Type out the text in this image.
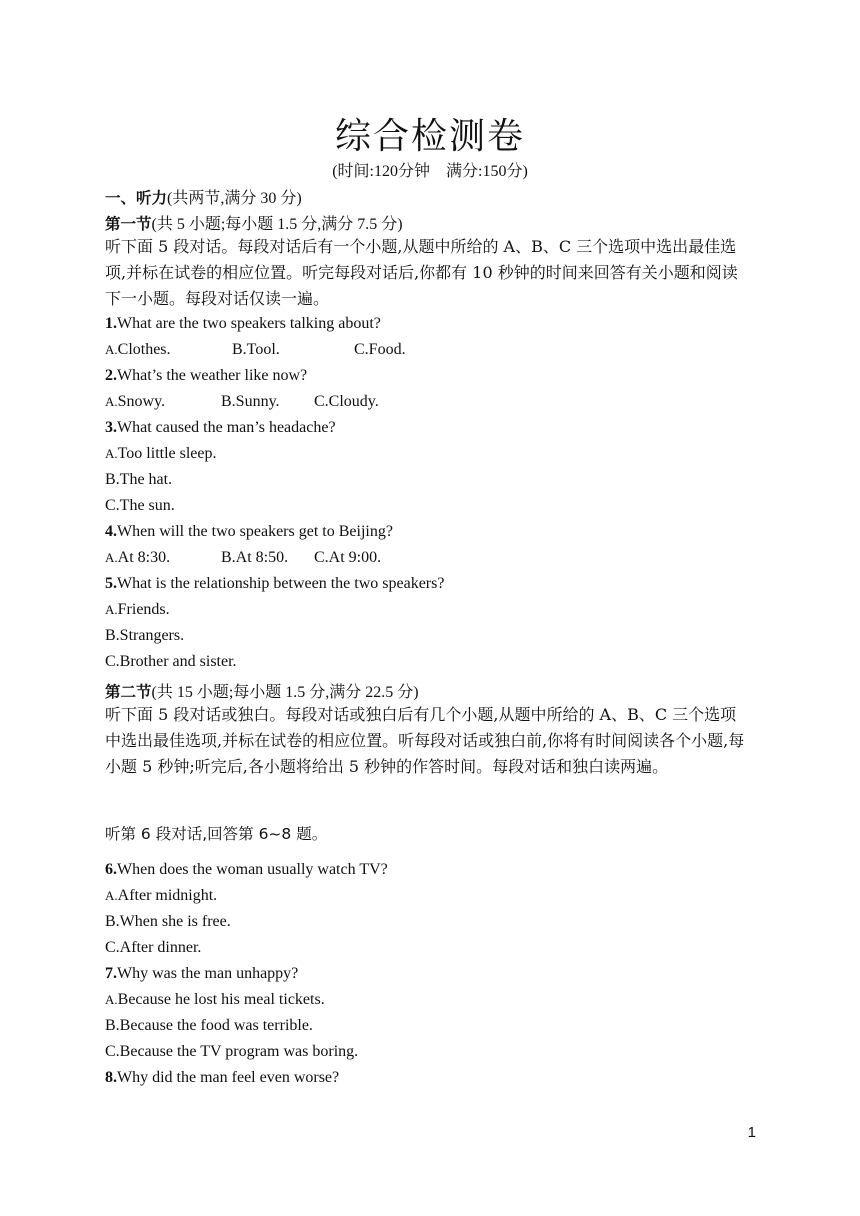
综合检测卷
(时间:120分钟　满分:150分)
一、听力(共两节,满分 30 分)
第一节(共 5 小题;每小题 1.5 分,满分 7.5 分)
听下面 5 段对话。每段对话后有一个小题,从题中所给的 A、B、C 三个选项中选出最佳选项,并标在试卷的相应位置。听完每段对话后,你都有 10 秒钟的时间来回答有关小题和阅读下一小题。每段对话仅读一遍。
1.What are the two speakers talking about?
A.Clothes.	B.Tool.	C.Food.
2.What’s the weather like now?
A.Snowy.	B.Sunny. C.Cloudy.
3.What caused the man’s headache?
A.Too little sleep.
B.The hat.
C.The sun.
4.When will the two speakers get to Beijing?
A.At 8:30.	B.At 8:50. C.At 9:00.
5.What is the relationship between the two speakers?
A.Friends.
B.Strangers.
C.Brother and sister.
第二节(共 15 小题;每小题 1.5 分,满分 22.5 分)
听下面 5 段对话或独白。每段对话或独白后有几个小题,从题中所给的 A、B、C 三个选项中选出最佳选项,并标在试卷的相应位置。听每段对话或独白前,你将有时间阅读各个小题,每小题 5 秒钟;听完后,各小题将给出 5 秒钟的作答时间。每段对话和独白读两遍。
听第 6 段对话,回答第 6~8 题。
6.When does the woman usually watch TV?
A.After midnight.
B.When she is free.
C.After dinner.
7.Why was the man unhappy?
A.Because he lost his meal tickets.
B.Because the food was terrible.
C.Because the TV program was boring.
8.Why did the man feel even worse?
1
